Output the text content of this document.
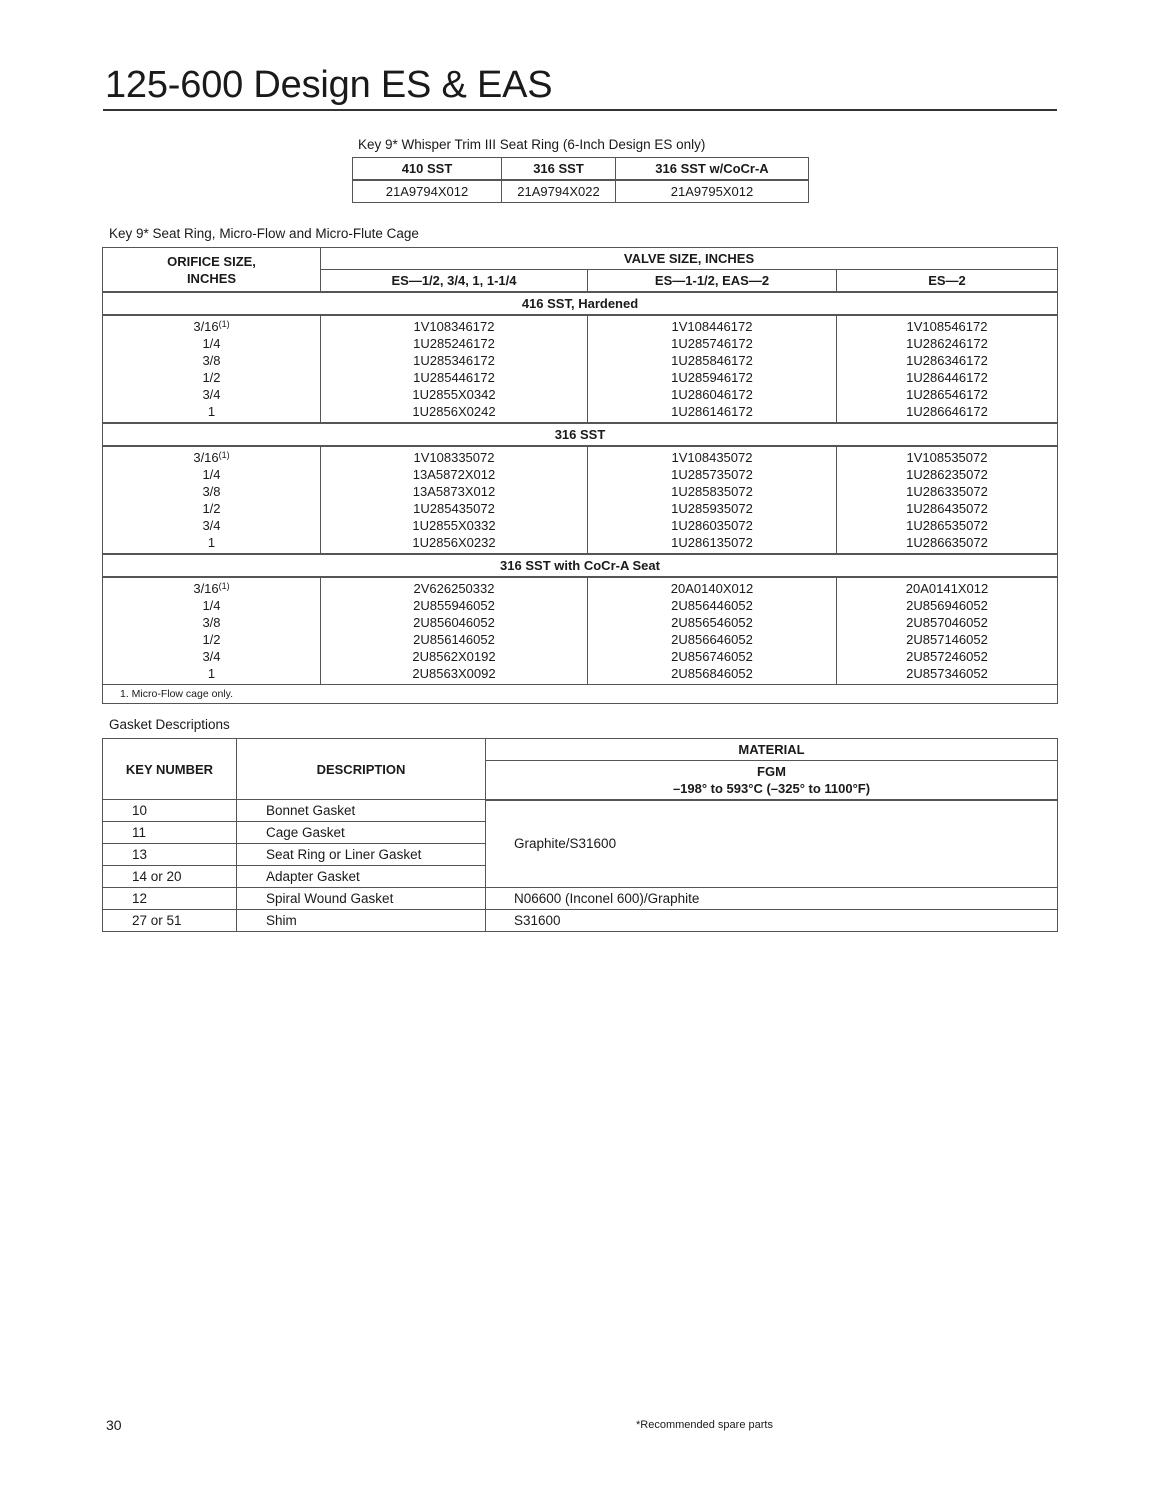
125-600 Design ES & EAS
Key 9* Whisper Trim III Seat Ring (6-Inch Design ES only)
410 SST	316 SST	316 SST w/CoCr-A
21A9794X012	21A9794X022	21A9795X012
Key 9* Seat Ring, Micro-Flow and Micro-Flute Cage
ORIFICE SIZE, INCHES	VALVE SIZE, INCHES		
	ES—1/2, 3/4, 1, 1-1/4	ES—1-1/2, EAS—2	ES—2
416 SST, Hardened			
3/16$^{(1)}$	1V108346172	1V108446172	1V108546172
1/4	1U285246172	1U285746172	1U286246172
3/8	1U285346172	1U285846172	1U286346172
1/2	1U285446172	1U285946172	1U286446172
3/4	1U2855X0342	1U286046172	1U286546172
1	1U2856X0242	1U286146172	1U286646172
316 SST			
3/16$^{(1)}$	1V108335072	1V108435072	1V108535072
1/4	13A5872X012	1U285735072	1U286235072
3/8	13A5873X012	1U285835072	1U286335072
1/2	1U285435072	1U285935072	1U286435072
3/4	1U2855X0332	1U286035072	1U286535072
1	1U2856X0232	1U286135072	1U286635072
316 SST with CoCr-A Seat			
3/16$^{(1)}$	2V626250332	20A0140X012	20A0141X012
1/4	2U855946052	2U856446052	2U856946052
3/8	2U856046052	2U856546052	2U857046052
1/2	2U856146052	2U856646052	2U857146052
3/4	2U8562X0192	2U856746052	2U857246052
1	2U8563X0092	2U856846052	2U857346052
1. Micro-Flow cage only.			
Gasket Descriptions
KEY NUMBER	DESCRIPTION	MATERIAL
		FGM
–198° to 593°C (–325° to 1100°F)
10	Bonnet Gasket	Graphite/S31600
11	Cage Gasket	
13	Seat Ring or Liner Gasket	
14 or 20	Adapter Gasket	
12	Spiral Wound Gasket	N06600 (Inconel 600)/Graphite
27 or 51	Shim	S31600
30	*Recommended spare parts
